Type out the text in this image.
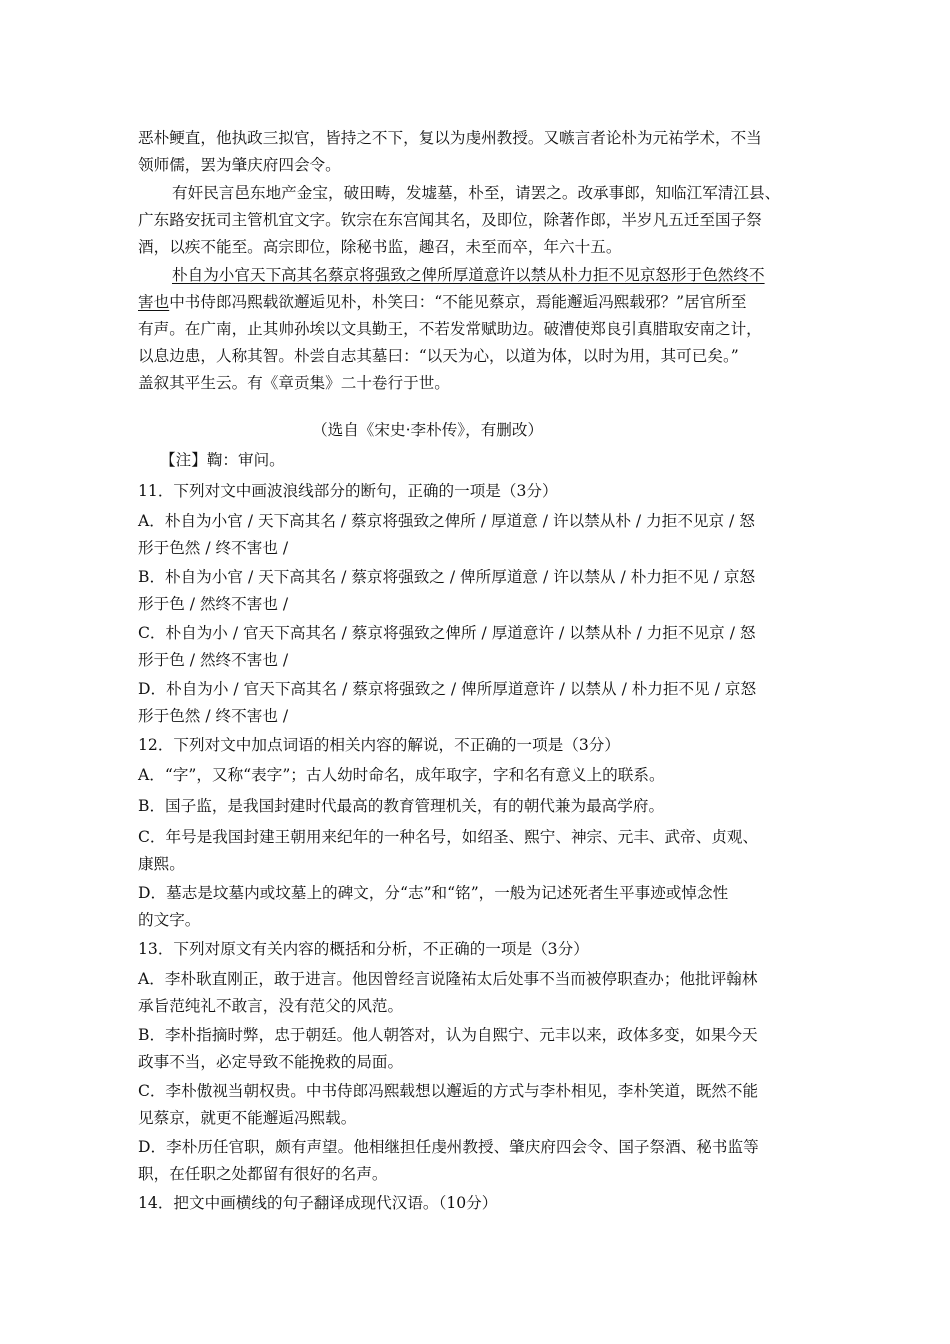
恶朴鲠直，他执政三拟官，皆持之不下，复以为虔州教授。又嗾言者论朴为元祐学术，不当
领师儒，罢为肇庆府四会令。
有奸民言邑东地产金宝，破田畴，发墟墓，朴至，请罢之。改承事郎，知临江军清江县、
广东路安抚司主管机宜文字。钦宗在东宫闻其名，及即位，除著作郎，半岁凡五迁至国子祭
酒，以疾不能至。高宗即位，除秘书监，趣召，未至而卒，年六十五。
朴自为小官天下高其名蔡京将强致之俾所厚道意许以禁从朴力拒不见京怒形于色然终不
害也中书侍郎冯熙载欲邂逅见朴，朴笑曰：“不能见蔡京，焉能邂逅冯熙载邪？”居官所至
有声。在广南，止其帅孙埃以文具勤王，不若发常赋助边。破漕使郑良引真腊取安南之计，
以息边患，人称其智。朴尝自志其墓曰：“以天为心，以道为体，以时为用，其可已矣。”
盖叙其平生云。有《章贡集》二十卷行于世。
（选自《宋史·李朴传》，有删改）
【注】鞫：审问。
11．下列对文中画波浪线部分的断句，正确的一项是（3分）
A．朴自为小官 / 天下高其名 / 蔡京将强致之俾所 / 厚道意 / 许以禁从朴 / 力拒不见京 / 怒
形于色然 / 终不害也 /
B．朴自为小官 / 天下高其名 / 蔡京将强致之 / 俾所厚道意 / 许以禁从 / 朴力拒不见 / 京怒
形于色 / 然终不害也 /
C．朴自为小 / 官天下高其名 / 蔡京将强致之俾所 / 厚道意许 / 以禁从朴 / 力拒不见京 / 怒
形于色 / 然终不害也 /
D．朴自为小 / 官天下高其名 / 蔡京将强致之 / 俾所厚道意许 / 以禁从 / 朴力拒不见 / 京怒
形于色然 / 终不害也 /
12．下列对文中加点词语的相关内容的解说，不正确的一项是（3分）
A．“字”，又称“表字”；古人幼时命名，成年取字，字和名有意义上的联系。
B．国子监，是我国封建时代最高的教育管理机关，有的朝代兼为最高学府。
C．年号是我国封建王朝用来纪年的一种名号，如绍圣、熙宁、神宗、元丰、武帝、贞观、
康熙。
D．墓志是坟墓内或坟墓上的碑文，分“志”和“铭”，一般为记述死者生平事迹或悼念性
的文字。
13．下列对原文有关内容的概括和分析，不正确的一项是（3分）
A．李朴耿直刚正，敢于进言。他因曾经言说隆祐太后处事不当而被停职查办；他批评翰林
承旨范纯礼不敢言，没有范父的风范。
B．李朴指摘时弊，忠于朝廷。他人朝答对，认为自熙宁、元丰以来，政体多变，如果今天
政事不当，必定导致不能挽救的局面。
C．李朴傲视当朝权贵。中书侍郎冯熙载想以邂逅的方式与李朴相见，李朴笑道，既然不能
见蔡京，就更不能邂逅冯熙载。
D．李朴历任官职，颇有声望。他相继担任虔州教授、肇庆府四会令、国子祭酒、秘书监等
职，在任职之处都留有很好的名声。
14．把文中画横线的句子翻译成现代汉语。（10分）
